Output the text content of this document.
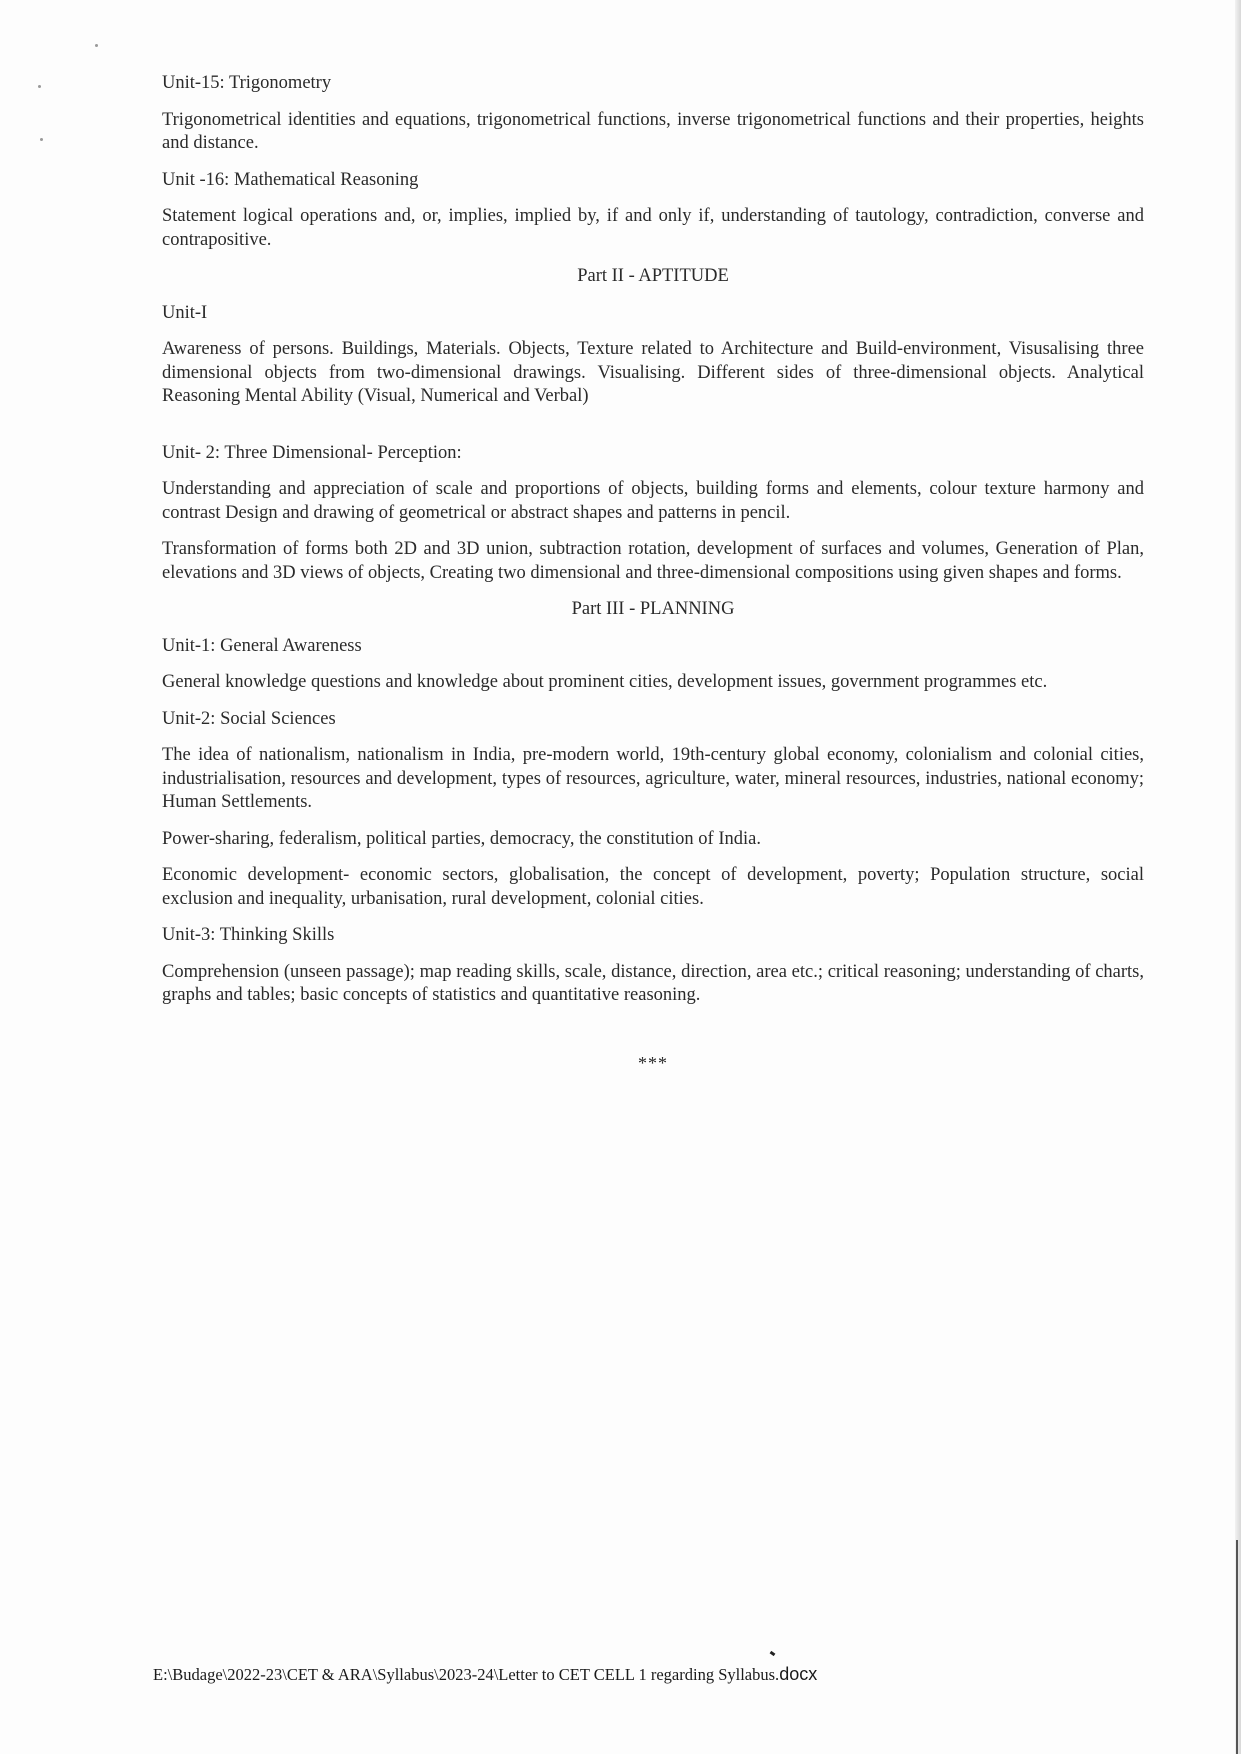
Unit-15: Trigonometry
Trigonometrical identities and equations, trigonometrical functions, inverse trigonometrical functions and their properties, heights and distance.
Unit -16: Mathematical Reasoning
Statement logical operations and, or, implies, implied by, if and only if, understanding of tautology, contradiction, converse and contrapositive.
Part II - APTITUDE
Unit-I
Awareness of persons. Buildings, Materials. Objects, Texture related to Architecture and Build-environment, Visusalising three dimensional objects from two-dimensional drawings. Visualising. Different sides of three-dimensional objects. Analytical Reasoning Mental Ability (Visual, Numerical and Verbal)
Unit- 2: Three Dimensional- Perception:
Understanding and appreciation of scale and proportions of objects, building forms and elements, colour texture harmony and contrast Design and drawing of geometrical or abstract shapes and patterns in pencil.
Transformation of forms both 2D and 3D union, subtraction rotation, development of surfaces and volumes, Generation of Plan, elevations and 3D views of objects, Creating two dimensional and three-dimensional compositions using given shapes and forms.
Part III - PLANNING
Unit-1: General Awareness
General knowledge questions and knowledge about prominent cities, development issues, government programmes etc.
Unit-2: Social Sciences
The idea of nationalism, nationalism in India, pre-modern world, 19th-century global economy, colonialism and colonial cities, industrialisation, resources and development, types of resources, agriculture, water, mineral resources, industries, national economy; Human Settlements.
Power-sharing, federalism, political parties, democracy, the constitution of India.
Economic development- economic sectors, globalisation, the concept of development, poverty; Population structure, social exclusion and inequality, urbanisation, rural development, colonial cities.
Unit-3: Thinking Skills
Comprehension (unseen passage); map reading skills, scale, distance, direction, area etc.; critical reasoning; understanding of charts, graphs and tables; basic concepts of statistics and quantitative reasoning.
***
E:\Budage\2022-23\CET & ARA\Syllabus\2023-24\Letter to CET CELL 1 regarding Syllabus.docx
